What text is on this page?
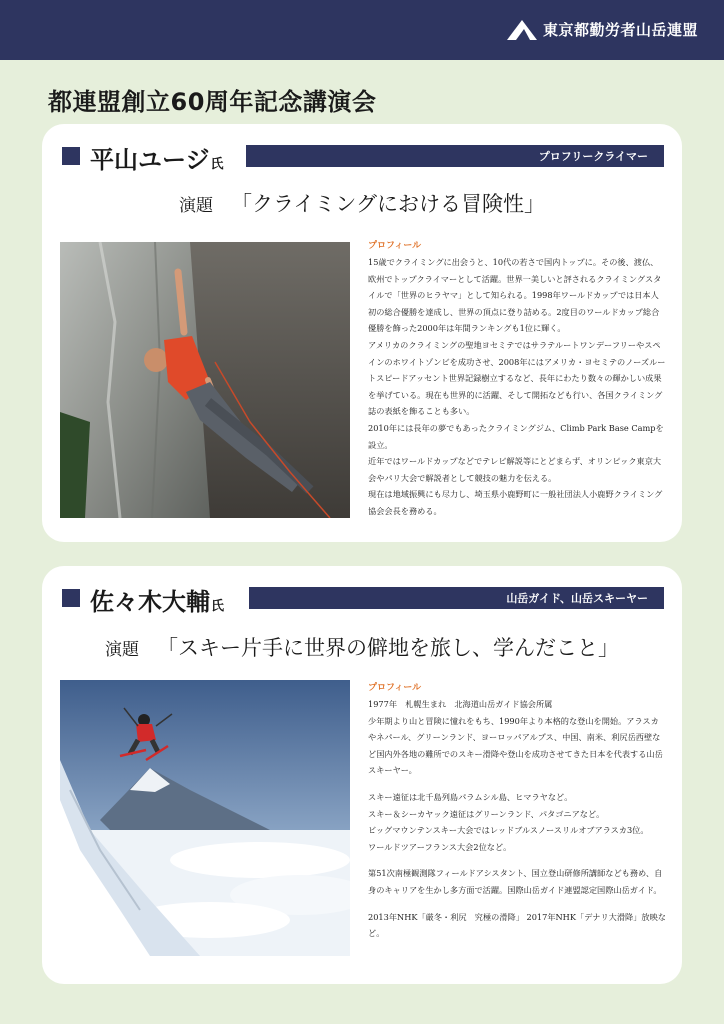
東京都勤労者山岳連盟
都連盟創立60周年記念講演会
平山ユージ氏
プロフリークライマー
演題 「クライミングにおける冒険性」
プロフィール

15歳でクライミングに出会うと、10代の若さで国内トップに。その後、渡仏、欧州でトップクライマーとして活躍。世界一美しいと評されるクライミングスタイルで「世界のヒラヤマ」として知られる。1998年ワールドカップでは日本人初の総合優勝を達成し、世界の頂点に登り詰める。2度目のワールドカップ総合優勝を飾った2000年は年間ランキングも1位に輝く。

アメリカのクライミングの聖地ヨセミテではサラテルートワンデーフリーやスペインのホワイトゾンビを成功させ、2008年にはアメリカ・ヨセミテのノーズルートスピードアッセント世界記録樹立するなど、長年にわたり数々の輝かしい成果を挙げている。現在も世界的に活躍、そして開拓なども行い、各国クライミング誌の表紙を飾ることも多い。

2010年には長年の夢でもあったクライミングジム、Climb Park Base Campを設立。

近年ではワールドカップなどでテレビ解説等にとどまらず、オリンピック東京大会やパリ大会で解説者として競技の魅力を伝える。

現在は地域振興にも尽力し、埼玉県小鹿野町に一般社団法人小鹿野クライミング協会会長を務める。

佐々木大輔氏
山岳ガイド、山岳スキーヤー
演題 「スキー片手に世界の僻地を旅し、学んだこと」
プロフィール

1977年　札幌生まれ　北海道山岳ガイド協会所属

少年期より山と冒険に憧れをもち、1990年より本格的な登山を開始。アラスカやネパール、グリーンランド、ヨーロッパアルプス、中国、南米、利尻岳西壁など国内外各地の難所でのスキー滑降や登山を成功させてきた日本を代表する山岳スキーヤー。

スキー遠征は北千島列島パラムシル島、ヒマラヤなど。

スキー＆シーカヤック遠征はグリーンランド、パタゴニアなど。

ビッグマウンテンスキー大会ではレッドブルスノースリルオブアラスカ3位。

ワールドツアーフランス大会2位など。

第51次南極観測隊フィールドアシスタント、国立登山研修所講師なども務め、自身のキャリアを生かし多方面で活躍。国際山岳ガイド連盟認定国際山岳ガイド。

2013年NHK「厳冬・利尻　究極の滑降」 2017年NHK「デナリ大滑降」放映など。
